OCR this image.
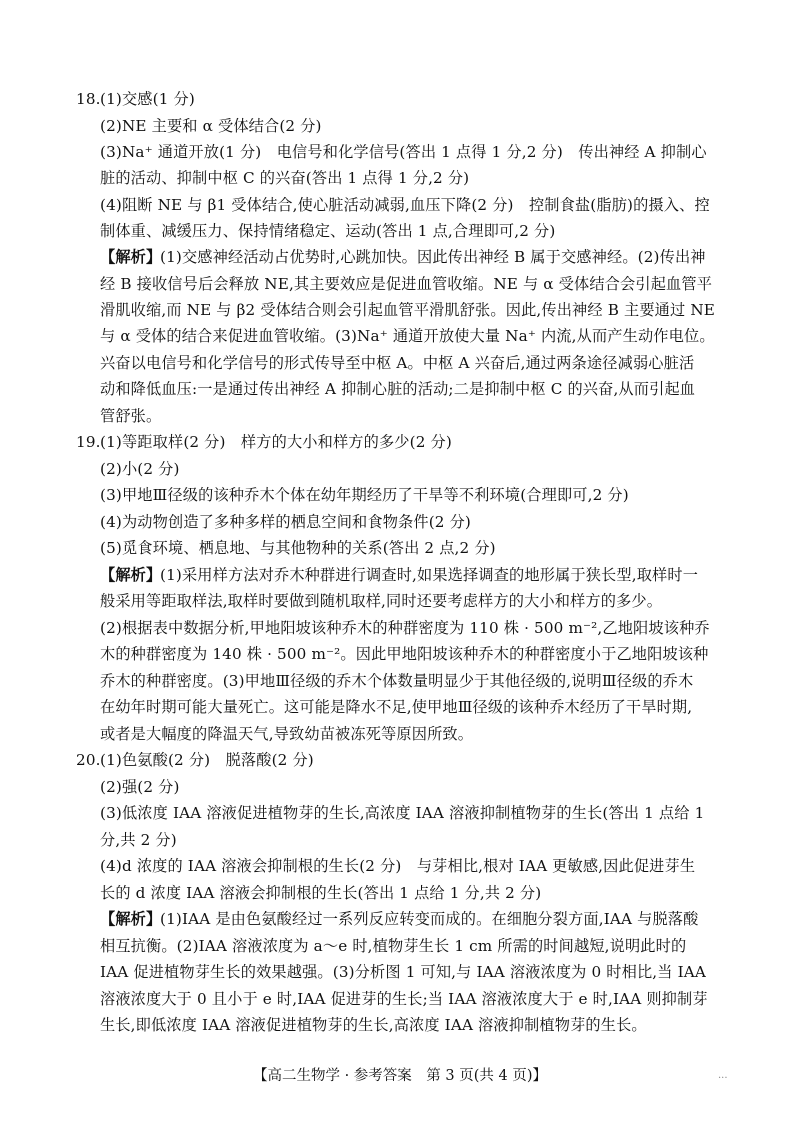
18. (1)交感(1 分)
(2)NE 主要和 α 受体结合(2 分)
(3)Na⁺ 通道开放(1 分)　电信号和化学信号(答出 1 点得 1 分,2 分)　传出神经 A 抑制心
脏的活动、抑制中枢 C 的兴奋(答出 1 点得 1 分,2 分)
(4)阻断 NE 与 β1 受体结合,使心脏活动减弱,血压下降(2 分)　控制食盐(脂肪)的摄入、控
制体重、减缓压力、保持情绪稳定、运动(答出 1 点,合理即可,2 分)
【解析】
(1)交感神经活动占优势时,心跳加快。因此传出神经 B 属于交感神经。(2)传出神
经 B 接收信号后会释放 NE,其主要效应是促进血管收缩。NE 与 α 受体结合会引起血管平
滑肌收缩,而 NE 与 β2 受体结合则会引起血管平滑肌舒张。因此,传出神经 B 主要通过 NE
与 α 受体的结合来促进血管收缩。(3)Na⁺ 通道开放使大量 Na⁺ 内流,从而产生动作电位。
兴奋以电信号和化学信号的形式传导至中枢 A。中枢 A 兴奋后,通过两条途径减弱心脏活
动和降低血压:一是通过传出神经 A 抑制心脏的活动;二是抑制中枢 C 的兴奋,从而引起血
管舒张。
19. (1)等距取样(2 分)　样方的大小和样方的多少(2 分)
(2)小(2 分)
(3)甲地Ⅲ径级的该种乔木个体在幼年期经历了干旱等不利环境(合理即可,2 分)
(4)为动物创造了多种多样的栖息空间和食物条件(2 分)
(5)觅食环境、栖息地、与其他物种的关系(答出 2 点,2 分)
【解析】
(1)采用样方法对乔木种群进行调查时,如果选择调查的地形属于狭长型,取样时一
般采用等距取样法,取样时要做到随机取样,同时还要考虑样方的大小和样方的多少。
(2)根据表中数据分析,甲地阳坡该种乔木的种群密度为 110 株 · 500 m⁻²,乙地阳坡该种乔
木的种群密度为 140 株 · 500 m⁻²。因此甲地阳坡该种乔木的种群密度小于乙地阳坡该种
乔木的种群密度。(3)甲地Ⅲ径级的乔木个体数量明显少于其他径级的,说明Ⅲ径级的乔木
在幼年时期可能大量死亡。这可能是降水不足,使甲地Ⅲ径级的该种乔木经历了干旱时期,
或者是大幅度的降温天气,导致幼苗被冻死等原因所致。
20. (1)色氨酸(2 分)　脱落酸(2 分)
(2)强(2 分)
(3)低浓度 IAA 溶液促进植物芽的生长,高浓度 IAA 溶液抑制植物芽的生长(答出 1 点给 1
分,共 2 分)
(4)d 浓度的 IAA 溶液会抑制根的生长(2 分)　与芽相比,根对 IAA 更敏感,因此促进芽生
长的 d 浓度 IAA 溶液会抑制根的生长(答出 1 点给 1 分,共 2 分)
【解析】
(1)IAA 是由色氨酸经过一系列反应转变而成的。在细胞分裂方面,IAA 与脱落酸
相互抗衡。(2)IAA 溶液浓度为 a～e 时,植物芽生长 1 cm 所需的时间越短,说明此时的
IAA 促进植物芽生长的效果越强。(3)分析图 1 可知,与 IAA 溶液浓度为 0 时相比,当 IAA
溶液浓度大于 0 且小于 e 时,IAA 促进芽的生长;当 IAA 溶液浓度大于 e 时,IAA 则抑制芽
生长,即低浓度 IAA 溶液促进植物芽的生长,高浓度 IAA 溶液抑制植物芽的生长。
【高二生物学 · 参考答案　第 3 页(共 4 页)】	...
